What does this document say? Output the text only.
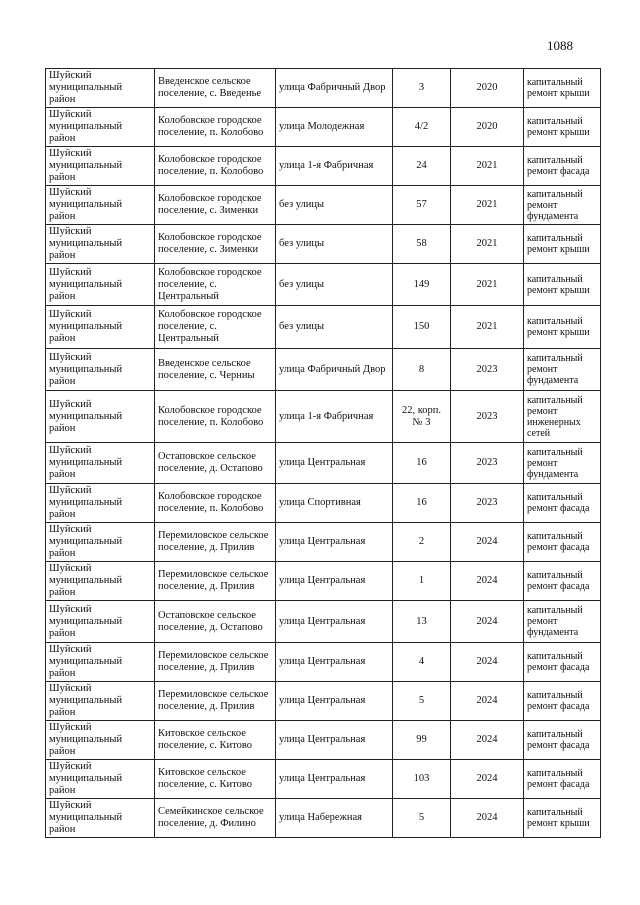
1088
Шуйский муниципальный район	Введенское сельское поселение, с. Введенье	улица Фабричный Двор	3	2020	капитальный ремонт крыши
Шуйский муниципальный район	Колобовское городское поселение, п. Колобово	улица Молодежная	4/2	2020	капитальный ремонт крыши
Шуйский муниципальный район	Колобовское городское поселение, п. Колобово	улица 1-я Фабричная	24	2021	капитальный ремонт фасада
Шуйский муниципальный район	Колобовское городское поселение, с. Зименки	без улицы	57	2021	капитальный ремонт фундамента
Шуйский муниципальный район	Колобовское городское поселение, с. Зименки	без улицы	58	2021	капитальный ремонт крыши
Шуйский муниципальный район	Колобовское городское поселение, с. Центральный	без улицы	149	2021	капитальный ремонт крыши
Шуйский муниципальный район	Колобовское городское поселение, с. Центральный	без улицы	150	2021	капитальный ремонт крыши
Шуйский муниципальный район	Введенское сельское поселение, с. Черниы	улица Фабричный Двор	8	2023	капитальный ремонт фундамента
Шуйский муниципальный район	Колобовское городское поселение, п. Колобово	улица 1-я Фабричная	22, корп. № 3	2023	капитальный ремонт инженерных сетей
Шуйский муниципальный район	Остаповское сельское поселение, д. Остапово	улица Центральная	16	2023	капитальный ремонт фундамента
Шуйский муниципальный район	Колобовское городское поселение, п. Колобово	улица Спортивная	16	2023	капитальный ремонт фасада
Шуйский муниципальный район	Перемиловское сельское поселение, д. Прилив	улица Центральная	2	2024	капитальный ремонт фасада
Шуйский муниципальный район	Перемиловское сельское поселение, д. Прилив	улица Центральная	1	2024	капитальный ремонт фасада
Шуйский муниципальный район	Остаповское сельское поселение, д. Остапово	улица Центральная	13	2024	капитальный ремонт фундамента
Шуйский муниципальный район	Перемиловское сельское поселение, д. Прилив	улица Центральная	4	2024	капитальный ремонт фасада
Шуйский муниципальный район	Перемиловское сельское поселение, д. Прилив	улица Центральная	5	2024	капитальный ремонт фасада
Шуйский муниципальный район	Китовское сельское поселение, с. Китово	улица Центральная	99	2024	капитальный ремонт фасада
Шуйский муниципальный район	Китовское сельское поселение, с. Китово	улица Центральная	103	2024	капитальный ремонт фасада
Шуйский муниципальный район	Семейкинское сельское поселение, д. Филино	улица Набережная	5	2024	капитальный ремонт крыши
